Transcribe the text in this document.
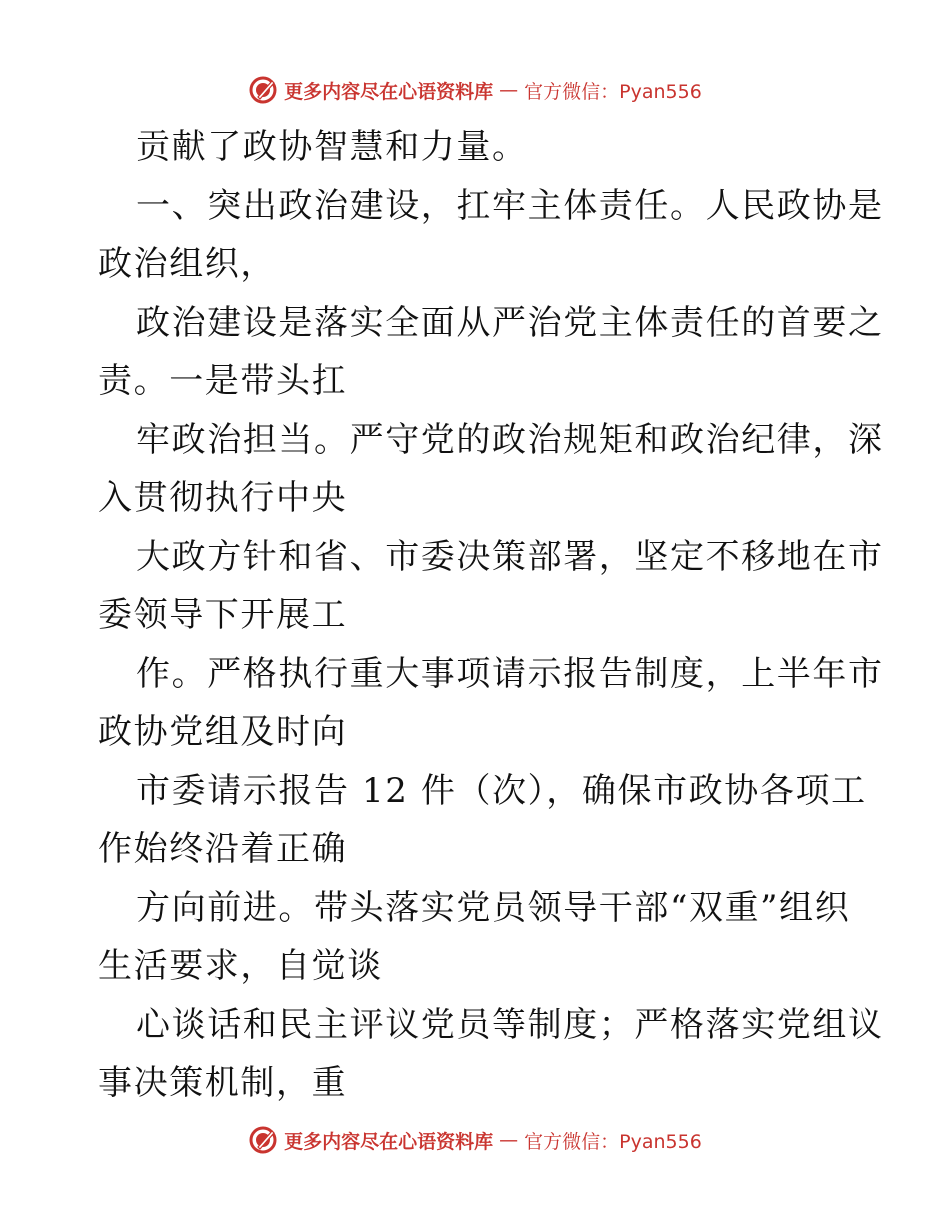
更多内容尽在心语资料库 — 官方微信：Pyan556
贡献了政协智慧和力量。
一、突出政治建设，扛牢主体责任。人民政协是
政治组织，
政治建设是落实全面从严治党主体责任的首要之
责。一是带头扛
牢政治担当。严守党的政治规矩和政治纪律，深
入贯彻执行中央
大政方针和省、市委决策部署，坚定不移地在市
委领导下开展工
作。严格执行重大事项请示报告制度，上半年市
政协党组及时向
市委请示报告 12 件（次），确保市政协各项工
作始终沿着正确
方向前进。带头落实党员领导干部“双重”组织
生活要求，自觉谈
心谈话和民主评议党员等制度；严格落实党组议
事决策机制，重
更多内容尽在心语资料库 — 官方微信：Pyan556
